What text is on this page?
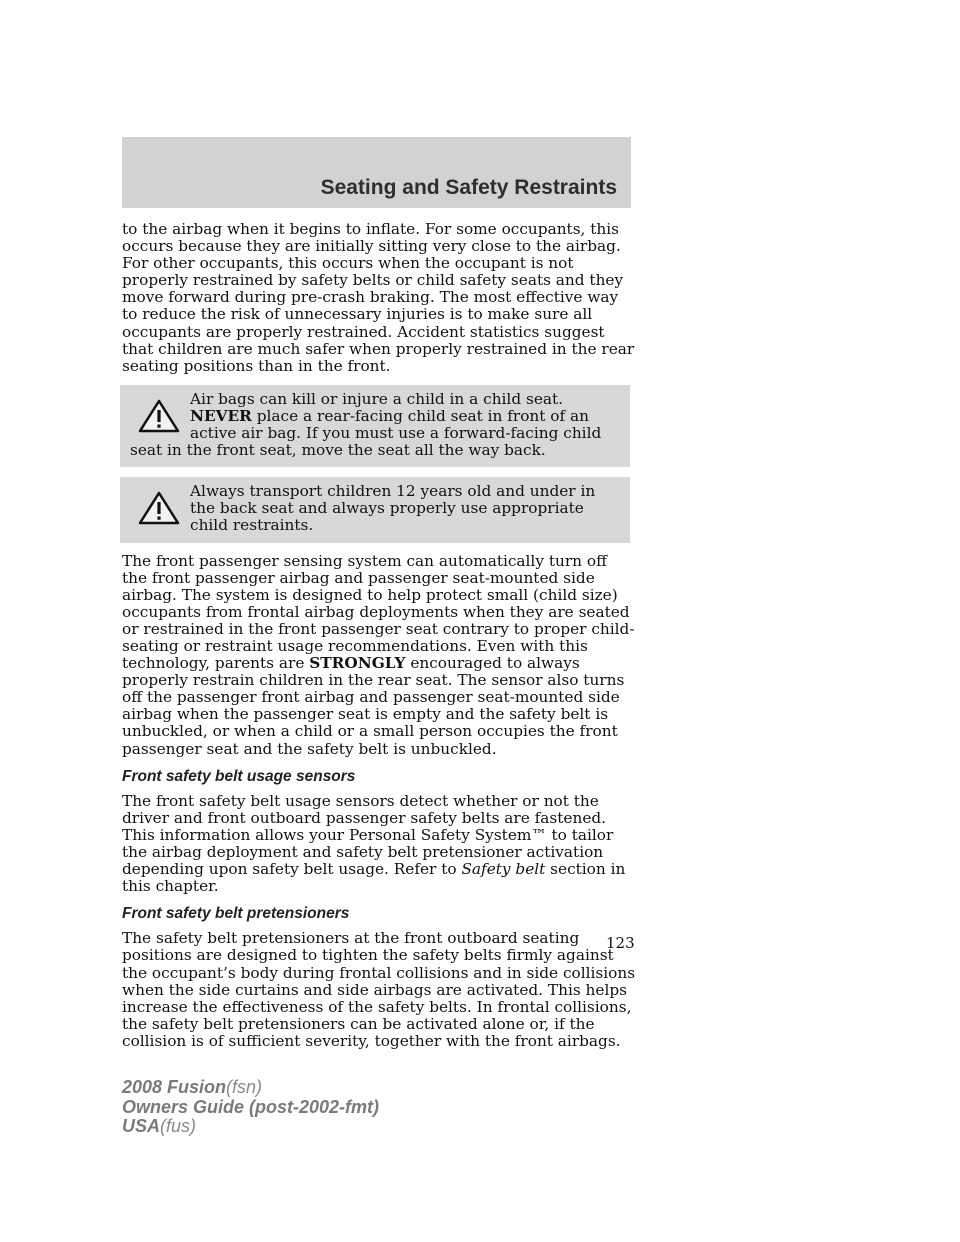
Seating and Safety Restraints

to the airbag when it begins to inflate. For some occupants, this occurs because they are initially sitting very close to the airbag. For other occupants, this occurs when the occupant is not properly restrained by safety belts or child safety seats and they move forward during pre-crash braking. The most effective way to reduce the risk of unnecessary injuries is to make sure all occupants are properly restrained. Accident statistics suggest that children are much safer when properly restrained in the rear seating positions than in the front.

Air bags can kill or injure a child in a child seat. NEVER place a rear-facing child seat in front of an active air bag. If you must use a forward-facing child seat in the front seat, move the seat all the way back.
Always transport children 12 years old and under in the back seat and always properly use appropriate child restraints.

The front passenger sensing system can automatically turn off the front passenger airbag and passenger seat-mounted side airbag. The system is designed to help protect small (child size) occupants from frontal airbag deployments when they are seated or restrained in the front passenger seat contrary to proper child-seating or restraint usage recommendations. Even with this technology, parents are STRONGLY encouraged to always properly restrain children in the rear seat. The sensor also turns off the passenger front airbag and passenger seat-mounted side airbag when the passenger seat is empty and the safety belt is unbuckled, or when a child or a small person occupies the front passenger seat and the safety belt is unbuckled.

Front safety belt usage sensors

The front safety belt usage sensors detect whether or not the driver and front outboard passenger safety belts are fastened. This information allows your Personal Safety System™ to tailor the airbag deployment and safety belt pretensioner activation depending upon safety belt usage. Refer to Safety belt section in this chapter.

Front safety belt pretensioners

The safety belt pretensioners at the front outboard seating positions are designed to tighten the safety belts firmly against the occupant’s body during frontal collisions and in side collisions when the side curtains and side airbags are activated. This helps increase the effectiveness of the safety belts. In frontal collisions, the safety belt pretensioners can be activated alone or, if the collision is of sufficient severity, together with the front airbags.

123
2008 Fusion(fsn)
Owners Guide (post-2002-fmt)
USA(fus)
